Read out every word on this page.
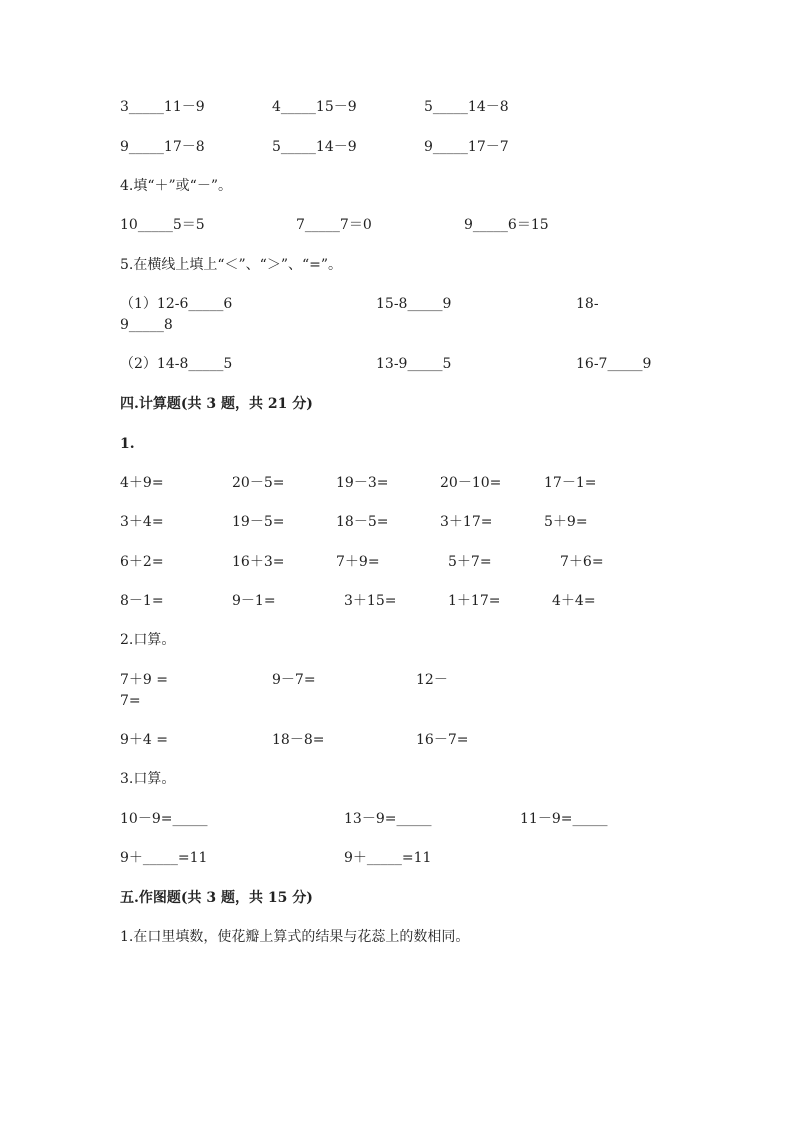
3_____11－9	4_____15－9	5_____14－8
9_____17－8	5_____14－9	9_____17－7
4.填“＋”或“－”。
10_____5＝5	7_____7＝0	9_____6＝15
5.在横线上填上“＜”、“＞”、“=”。
（1）12-6_____6	15-8_____9	18-
9_____8
（2）14-8_____5	13-9_____5	16-7_____9
四.计算题(共 3 题，共 21 分)
1.
4＋9=	20－5=	19－3=	20－10=	17－1=
3＋4=	19－5=	18－5=	3＋17=	5＋9=
6＋2=	16＋3=	7＋9=	5＋7=	7＋6=
8－1=	9－1=	3＋15=	1＋17=	4＋4=
2.口算。
7＋9 =	9－7=	12－
7=
9＋4 =	18－8=	16－7=
3.口算。
10－9=_____	13－9=_____	11－9=_____
9＋_____=11	9＋_____=11
五.作图题(共 3 题，共 15 分)
1.在口里填数，使花瓣上算式的结果与花蕊上的数相同。
